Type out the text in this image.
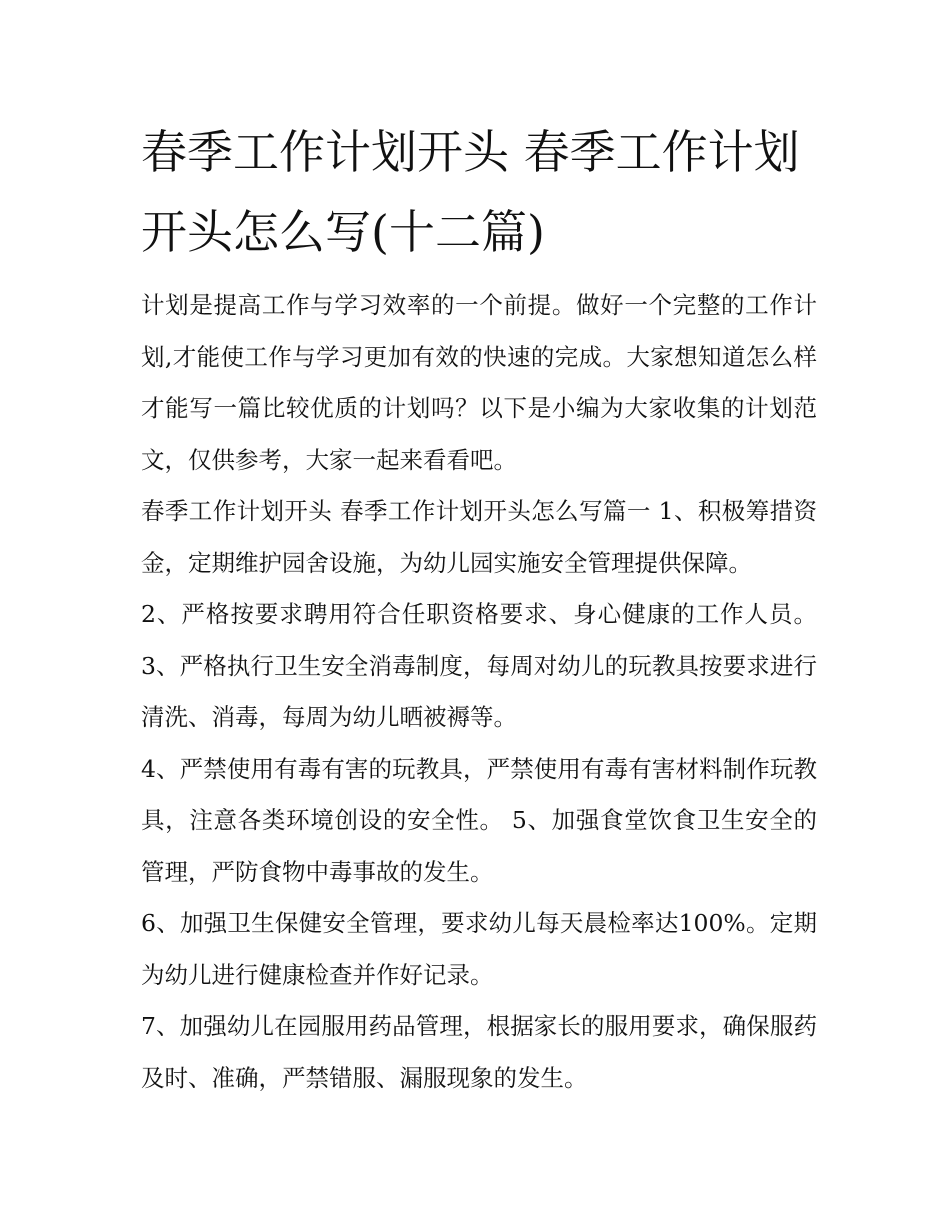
春季工作计划开头 春季工作计划开头怎么写(十二篇)

计划是提高工作与学习效率的一个前提。做好一个完整的工作计划,才能使工作与学习更加有效的快速的完成。大家想知道怎么样才能写一篇比较优质的计划吗？以下是小编为大家收集的计划范文，仅供参考，大家一起来看看吧。

春季工作计划开头 春季工作计划开头怎么写篇一 1、积极筹措资金，定期维护园舍设施，为幼儿园实施安全管理提供保障。

2、严格按要求聘用符合任职资格要求、身心健康的工作人员。 3、严格执行卫生安全消毒制度，每周对幼儿的玩教具按要求进行清洗、消毒，每周为幼儿晒被褥等。

4、严禁使用有毒有害的玩教具，严禁使用有毒有害材料制作玩教具，注意各类环境创设的安全性。 5、加强食堂饮食卫生安全的管理，严防食物中毒事故的发生。

6、加强卫生保健安全管理，要求幼儿每天晨检率达100%。定期为幼儿进行健康检查并作好记录。

7、加强幼儿在园服用药品管理，根据家长的服用要求，确保服药及时、准确，严禁错服、漏服现象的发生。
